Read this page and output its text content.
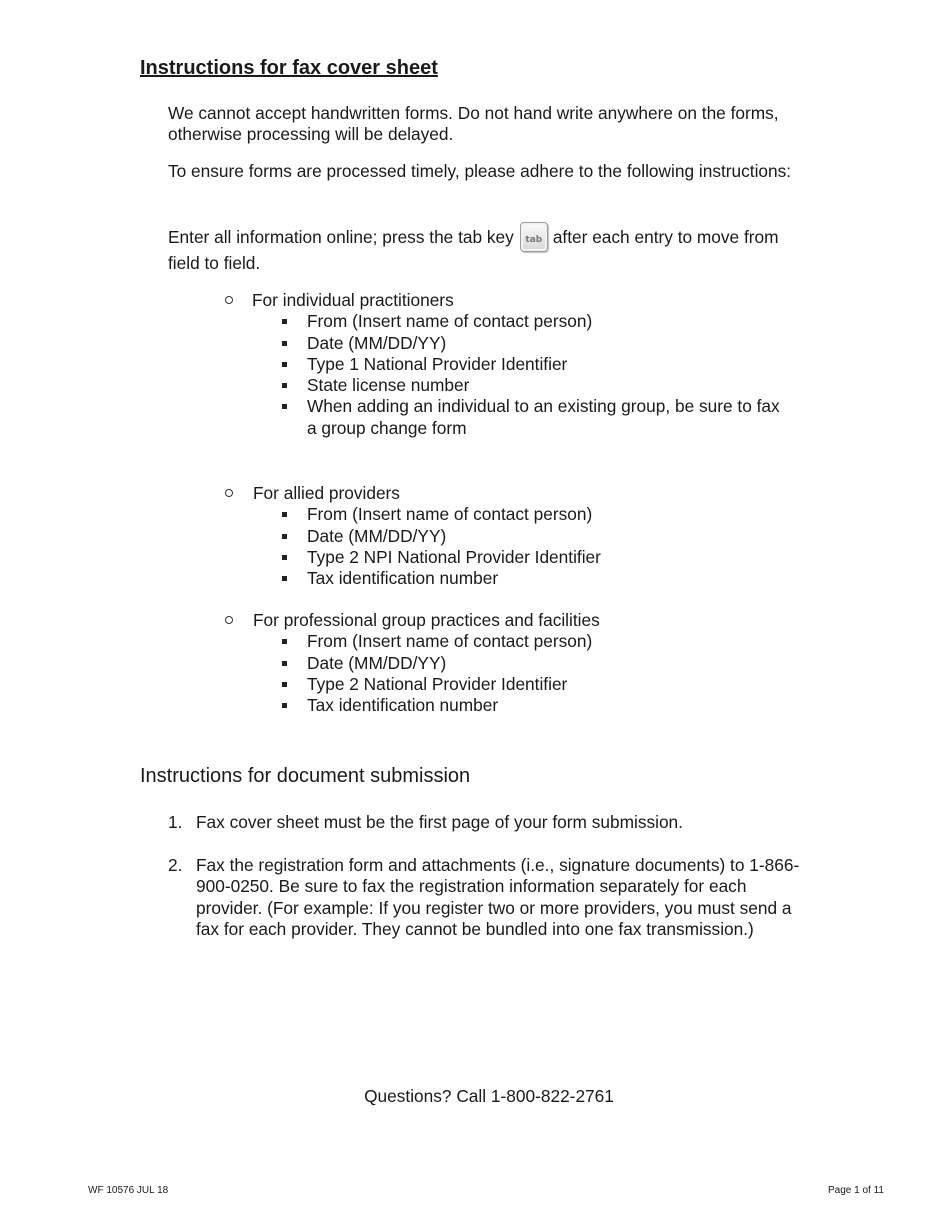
Instructions for fax cover sheet
We cannot accept handwritten forms. Do not hand write anywhere on the forms, otherwise processing will be delayed.
To ensure forms are processed timely, please adhere to the following instructions:
Enter all information online; press the tab key	tab after each entry to move from field to field.
For individual practitioners
From (Insert name of contact person)
Date (MM/DD/YY)
Type 1 National Provider Identifier
State license number
When adding an individual to an existing group, be sure to fax a group change form
For allied providers
From (Insert name of contact person)
Date (MM/DD/YY)
Type 2 NPI National Provider Identifier
Tax identification number
For professional group practices and facilities
From (Insert name of contact person)
Date (MM/DD/YY)
Type 2 National Provider Identifier
Tax identification number
Instructions for document submission
1. Fax cover sheet must be the first page of your form submission.
2. Fax the registration form and attachments (i.e., signature documents) to 1-866-900-0250. Be sure to fax the registration information separately for each provider. (For example: If you register two or more providers, you must send a fax for each provider. They cannot be bundled into one fax transmission.)
Questions? Call 1-800-822-2761
WF 10576 JUL 18	Page 1 of 11
